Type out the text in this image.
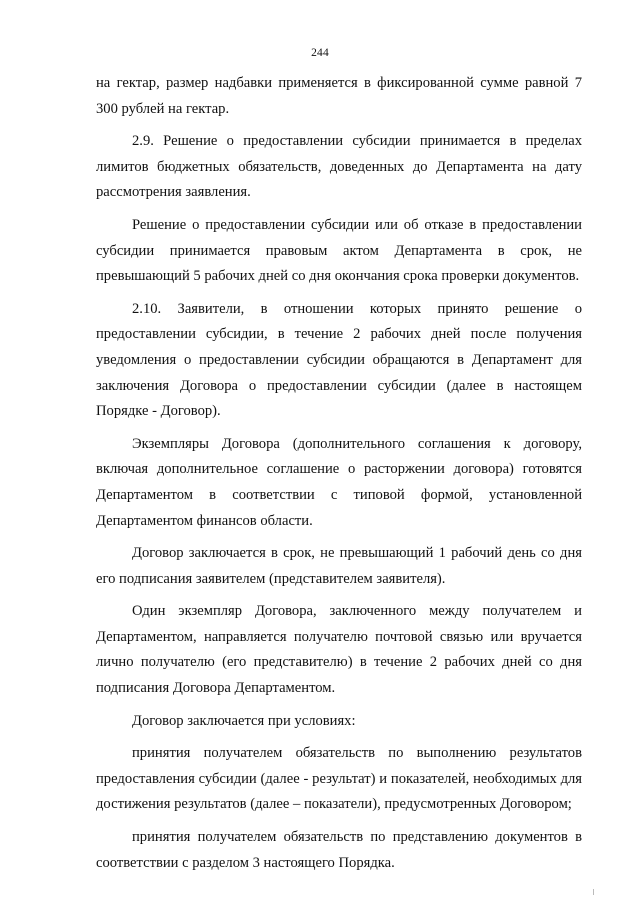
244

на гектар, размер надбавки применяется в фиксированной сумме равной 7 300 рублей на гектар.

2.9. Решение о предоставлении субсидии принимается в пределах лимитов бюджетных обязательств, доведенных до Департамента на дату рассмотрения заявления.

Решение о предоставлении субсидии или об отказе в предоставлении субсидии принимается правовым актом Департамента в срок, не превышающий 5 рабочих дней со дня окончания срока проверки документов.

2.10. Заявители, в отношении которых принято решение о предоставлении субсидии, в течение 2 рабочих дней после получения уведомления о предоставлении субсидии обращаются в Департамент для заключения Договора о предоставлении субсидии (далее в настоящем Порядке - Договор).

Экземпляры Договора (дополнительного соглашения к договору, включая дополнительное соглашение о расторжении договора) готовятся Департаментом в соответствии с типовой формой, установленной Департаментом финансов области.

Договор заключается в срок, не превышающий 1 рабочий день со дня его подписания заявителем (представителем заявителя).

Один экземпляр Договора, заключенного между получателем и Департаментом, направляется получателю почтовой связью или вручается лично получателю (его представителю) в течение 2 рабочих дней со дня подписания Договора Департаментом.

Договор заключается при условиях:

принятия получателем обязательств по выполнению результатов предоставления субсидии (далее - результат) и показателей, необходимых для достижения результатов (далее – показатели), предусмотренных Договором;

принятия получателем обязательств по представлению документов в соответствии с разделом 3 настоящего Порядка.
